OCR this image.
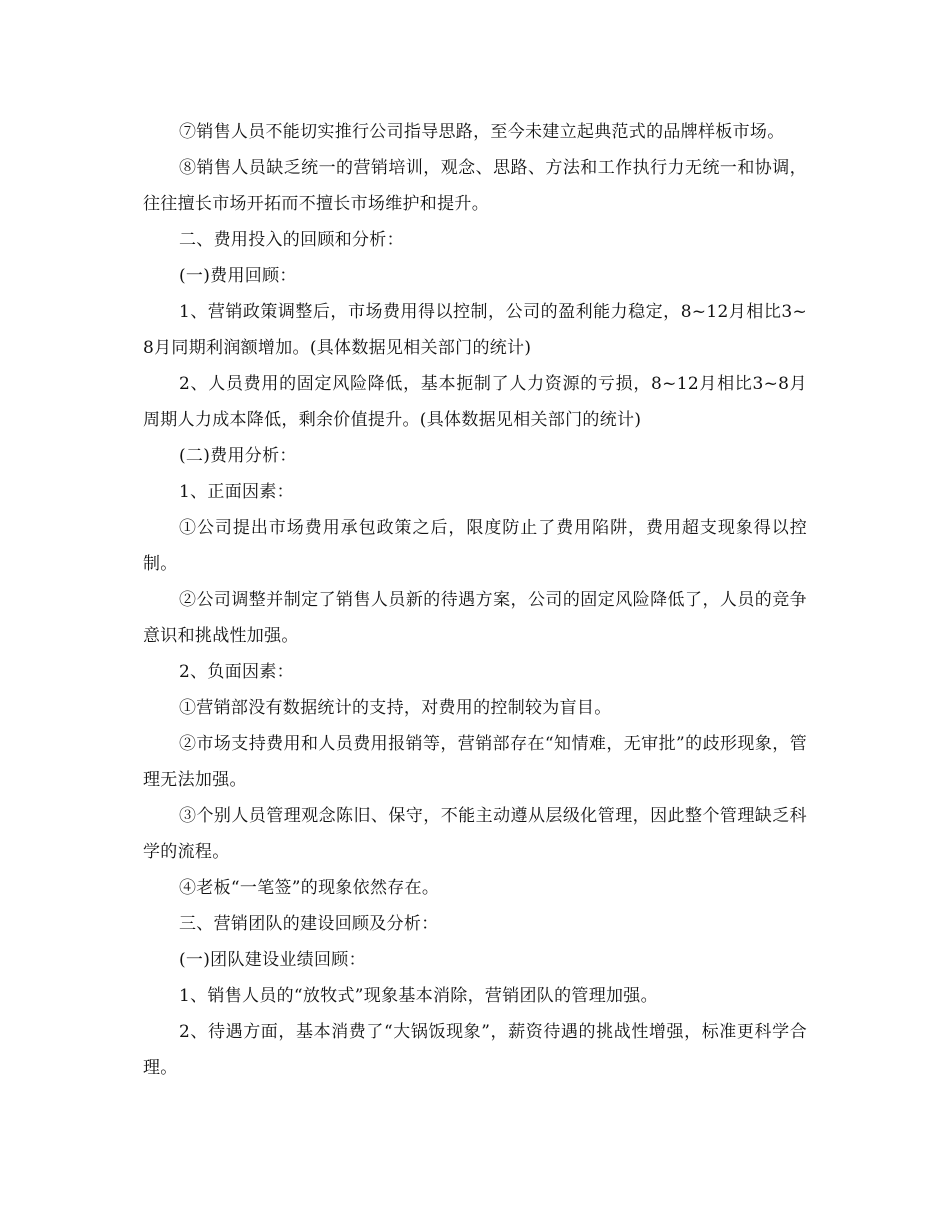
⑦销售人员不能切实推行公司指导思路，至今未建立起典范式的品牌样板市场。

⑧销售人员缺乏统一的营销培训，观念、思路、方法和工作执行力无统一和协调，往往擅长市场开拓而不擅长市场维护和提升。

二、费用投入的回顾和分析：

(一)费用回顾：

1、营销政策调整后，市场费用得以控制，公司的盈利能力稳定，8~12月相比3~8月同期利润额增加。(具体数据见相关部门的统计)

2、人员费用的固定风险降低，基本扼制了人力资源的亏损，8~12月相比3~8月周期人力成本降低，剩余价值提升。(具体数据见相关部门的统计)

(二)费用分析：

1、正面因素：

①公司提出市场费用承包政策之后，限度防止了费用陷阱，费用超支现象得以控制。

②公司调整并制定了销售人员新的待遇方案，公司的固定风险降低了，人员的竞争意识和挑战性加强。

2、负面因素：

①营销部没有数据统计的支持，对费用的控制较为盲目。

②市场支持费用和人员费用报销等，营销部存在“知情难，无审批”的歧形现象，管理无法加强。

③个别人员管理观念陈旧、保守，不能主动遵从层级化管理，因此整个管理缺乏科学的流程。

④老板“一笔签”的现象依然存在。

三、营销团队的建设回顾及分析：

(一)团队建设业绩回顾：

1、销售人员的“放牧式”现象基本消除，营销团队的管理加强。

2、待遇方面，基本消费了“大锅饭现象”，薪资待遇的挑战性增强，标准更科学合理。
